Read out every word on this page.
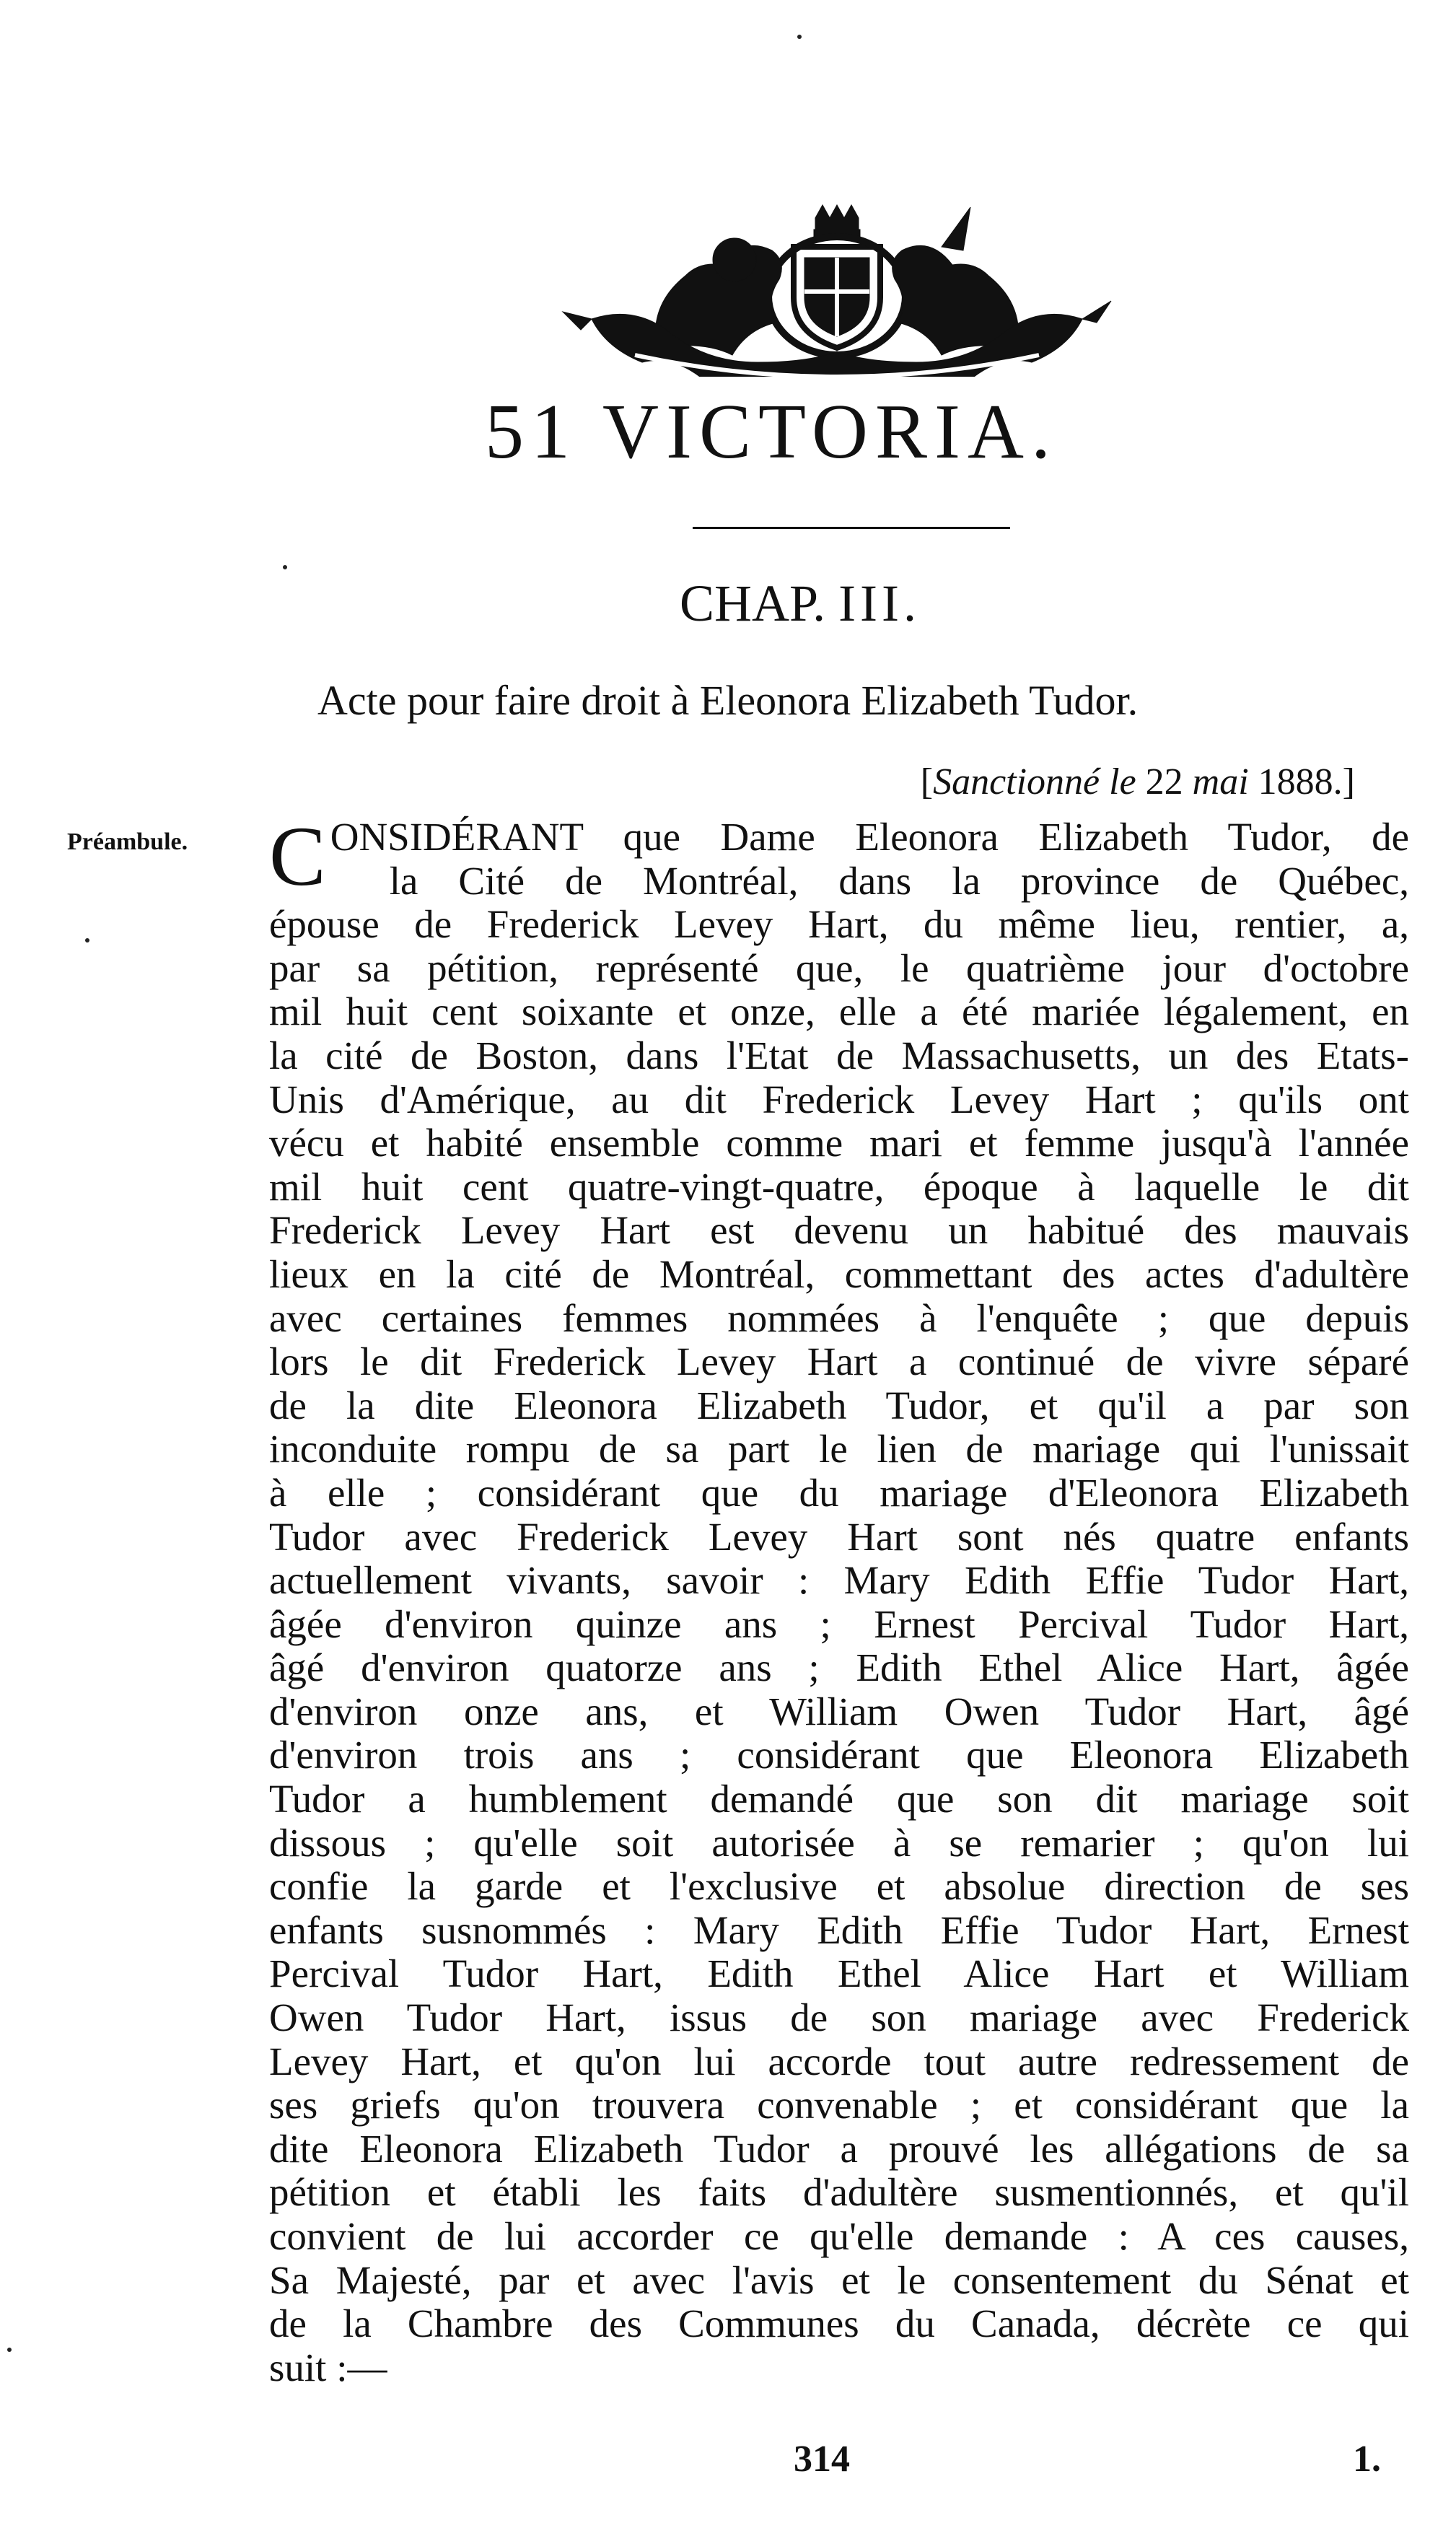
51 VICTORIA.
CHAP. III.
Acte pour faire droit à Eleonora Elizabeth Tudor.
[Sanctionné le 22 mai 1888.]
Préambule. C ONSIDÉRANT que Dame Eleonora Elizabeth Tudor, de
la Cité de Montréal, dans la province de Québec,
épouse de Frederick Levey Hart, du même lieu, rentier, a,
par sa pétition, représenté que, le quatrième jour d'octobre
mil huit cent soixante et onze, elle a été mariée légalement, en
la cité de Boston, dans l'Etat de Massachusetts, un des Etats-
Unis d'Amérique, au dit Frederick Levey Hart ; qu'ils ont
vécu et habité ensemble comme mari et femme jusqu'à l'année
mil huit cent quatre-vingt-quatre, époque à laquelle le dit
Frederick Levey Hart est devenu un habitué des mauvais
lieux en la cité de Montréal, commettant des actes d'adultère
avec certaines femmes nommées à l'enquête ; que depuis
lors le dit Frederick Levey Hart a continué de vivre séparé
de la dite Eleonora Elizabeth Tudor, et qu'il a par son
inconduite rompu de sa part le lien de mariage qui l'unissait
à elle ; considérant que du mariage d'Eleonora Elizabeth
Tudor avec Frederick Levey Hart sont nés quatre enfants
actuellement vivants, savoir : Mary Edith Effie Tudor Hart,
âgée d'environ quinze ans ; Ernest Percival Tudor Hart,
âgé d'environ quatorze ans ; Edith Ethel Alice Hart, âgée
d'environ onze ans, et William Owen Tudor Hart, âgé
d'environ trois ans ; considérant que Eleonora Elizabeth
Tudor a humblement demandé que son dit mariage soit
dissous ; qu'elle soit autorisée à se remarier ; qu'on lui
confie la garde et l'exclusive et absolue direction de ses
enfants susnommés : Mary Edith Effie Tudor Hart, Ernest
Percival Tudor Hart, Edith Ethel Alice Hart et William
Owen Tudor Hart, issus de son mariage avec Frederick
Levey Hart, et qu'on lui accorde tout autre redressement de
ses griefs qu'on trouvera convenable ; et considérant que la
dite Eleonora Elizabeth Tudor a prouvé les allégations de sa
pétition et établi les faits d'adultère susmentionnés, et qu'il
convient de lui accorder ce qu'elle demande : A ces causes,
Sa Majesté, par et avec l'avis et le consentement du Sénat et
de la Chambre des Communes du Canada, décrète ce qui
suit :—
314	1.
